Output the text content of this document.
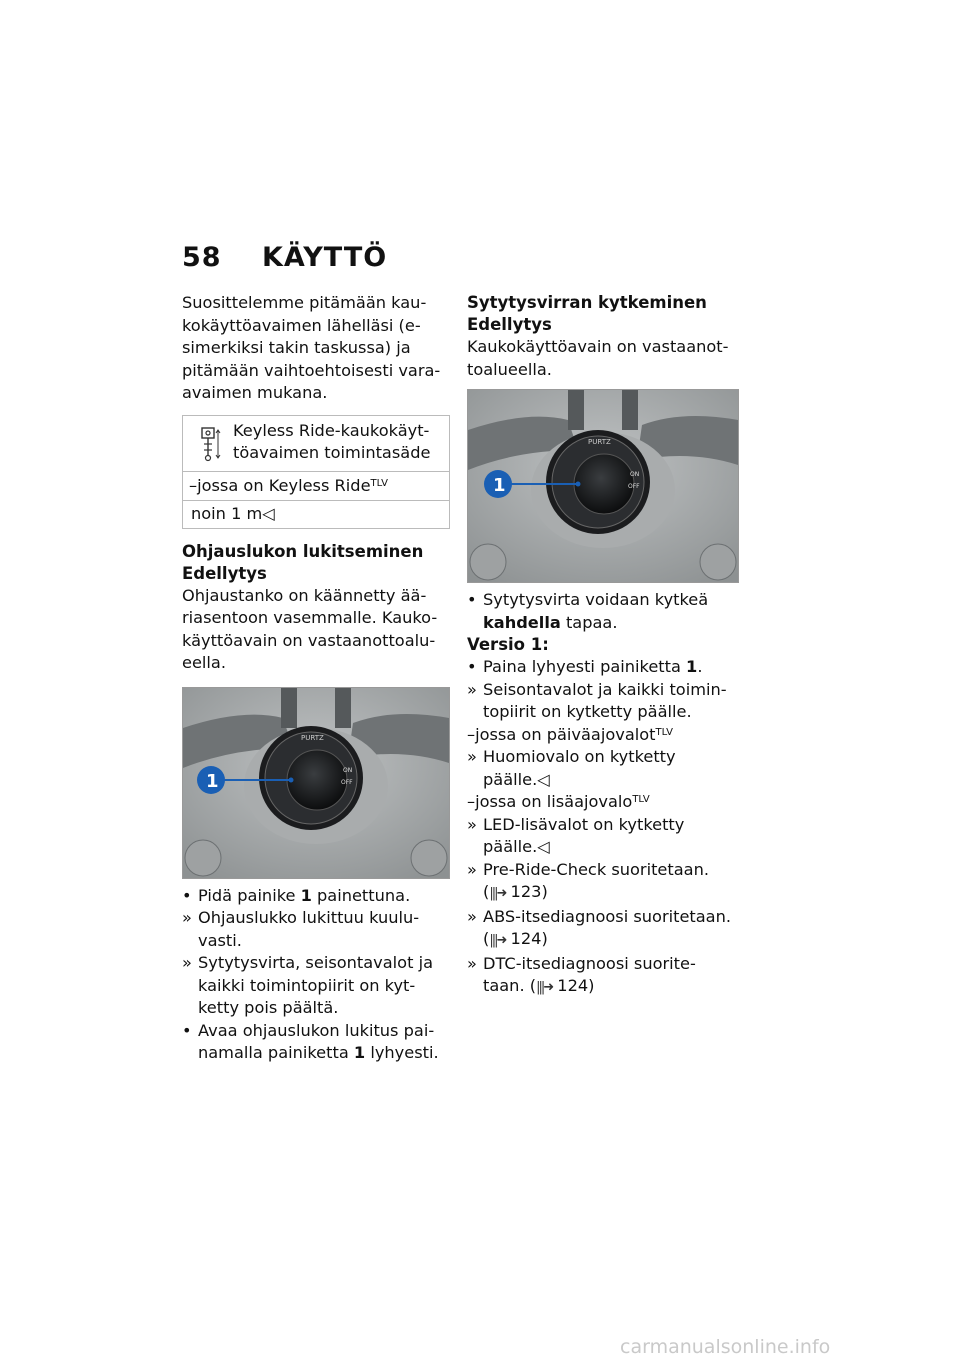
58 KÄYTTÖ

Suosittelemme pitämään kau-

kokäyttöavaimen lähelläsi (e-

simerkiksi takin taskussa) ja

pitämään vaihtoehtoisesti vara-

avaimen mukana.

Keyless Ride-kaukokäyt-

töavaimen toimintasäde

–jossa on Keyless Ride$^{TLV}$
noin 1 m◁

Ohjauslukon lukitseminen

Edellytys

Ohjaustanko on käännetty ää-

riasentoon vasemmalle. Kauko-

käyttöavain on vastaanottoalu-

eella.

PURTZ
ON
OFF
1
• Pidä painike 1 painettuna.
» Ohjauslukko lukittuu kuulu-

vasti.

» Sytytysvirta, seisontavalot ja

kaikki toimintopiirit on kyt-

ketty pois päältä.

• Avaa ohjauslukon lukitus pai-

namalla painiketta 1 lyhyesti.

Sytytysvirran kytkeminen

Edellytys

Kaukokäyttöavain on vastaanot-

toalueella.

PURTZ
ON
OFF
1
• Sytytysvirta voidaan kytkeä

kahdella tapaa.

Versio 1:

• Paina lyhyesti painiketta 1.
» Seisontavalot ja kaikki toimin-

topiirit on kytketty päälle.

–jossa on päiväajovalot$^{TLV}$

» Huomiovalo on kytketty

päälle.◁

–jossa on lisäajovalo$^{TLV}$

» LED-lisävalot on kytketty

päälle.◁

» Pre-Ride-Check suoritetaan.

(|||➜ 123)

» ABS-itsediagnoosi suoritetaan.

(|||➜ 124)

» DTC-itsediagnoosi suorite-

taan. (|||➜ 124)

carmanualsonline.info
